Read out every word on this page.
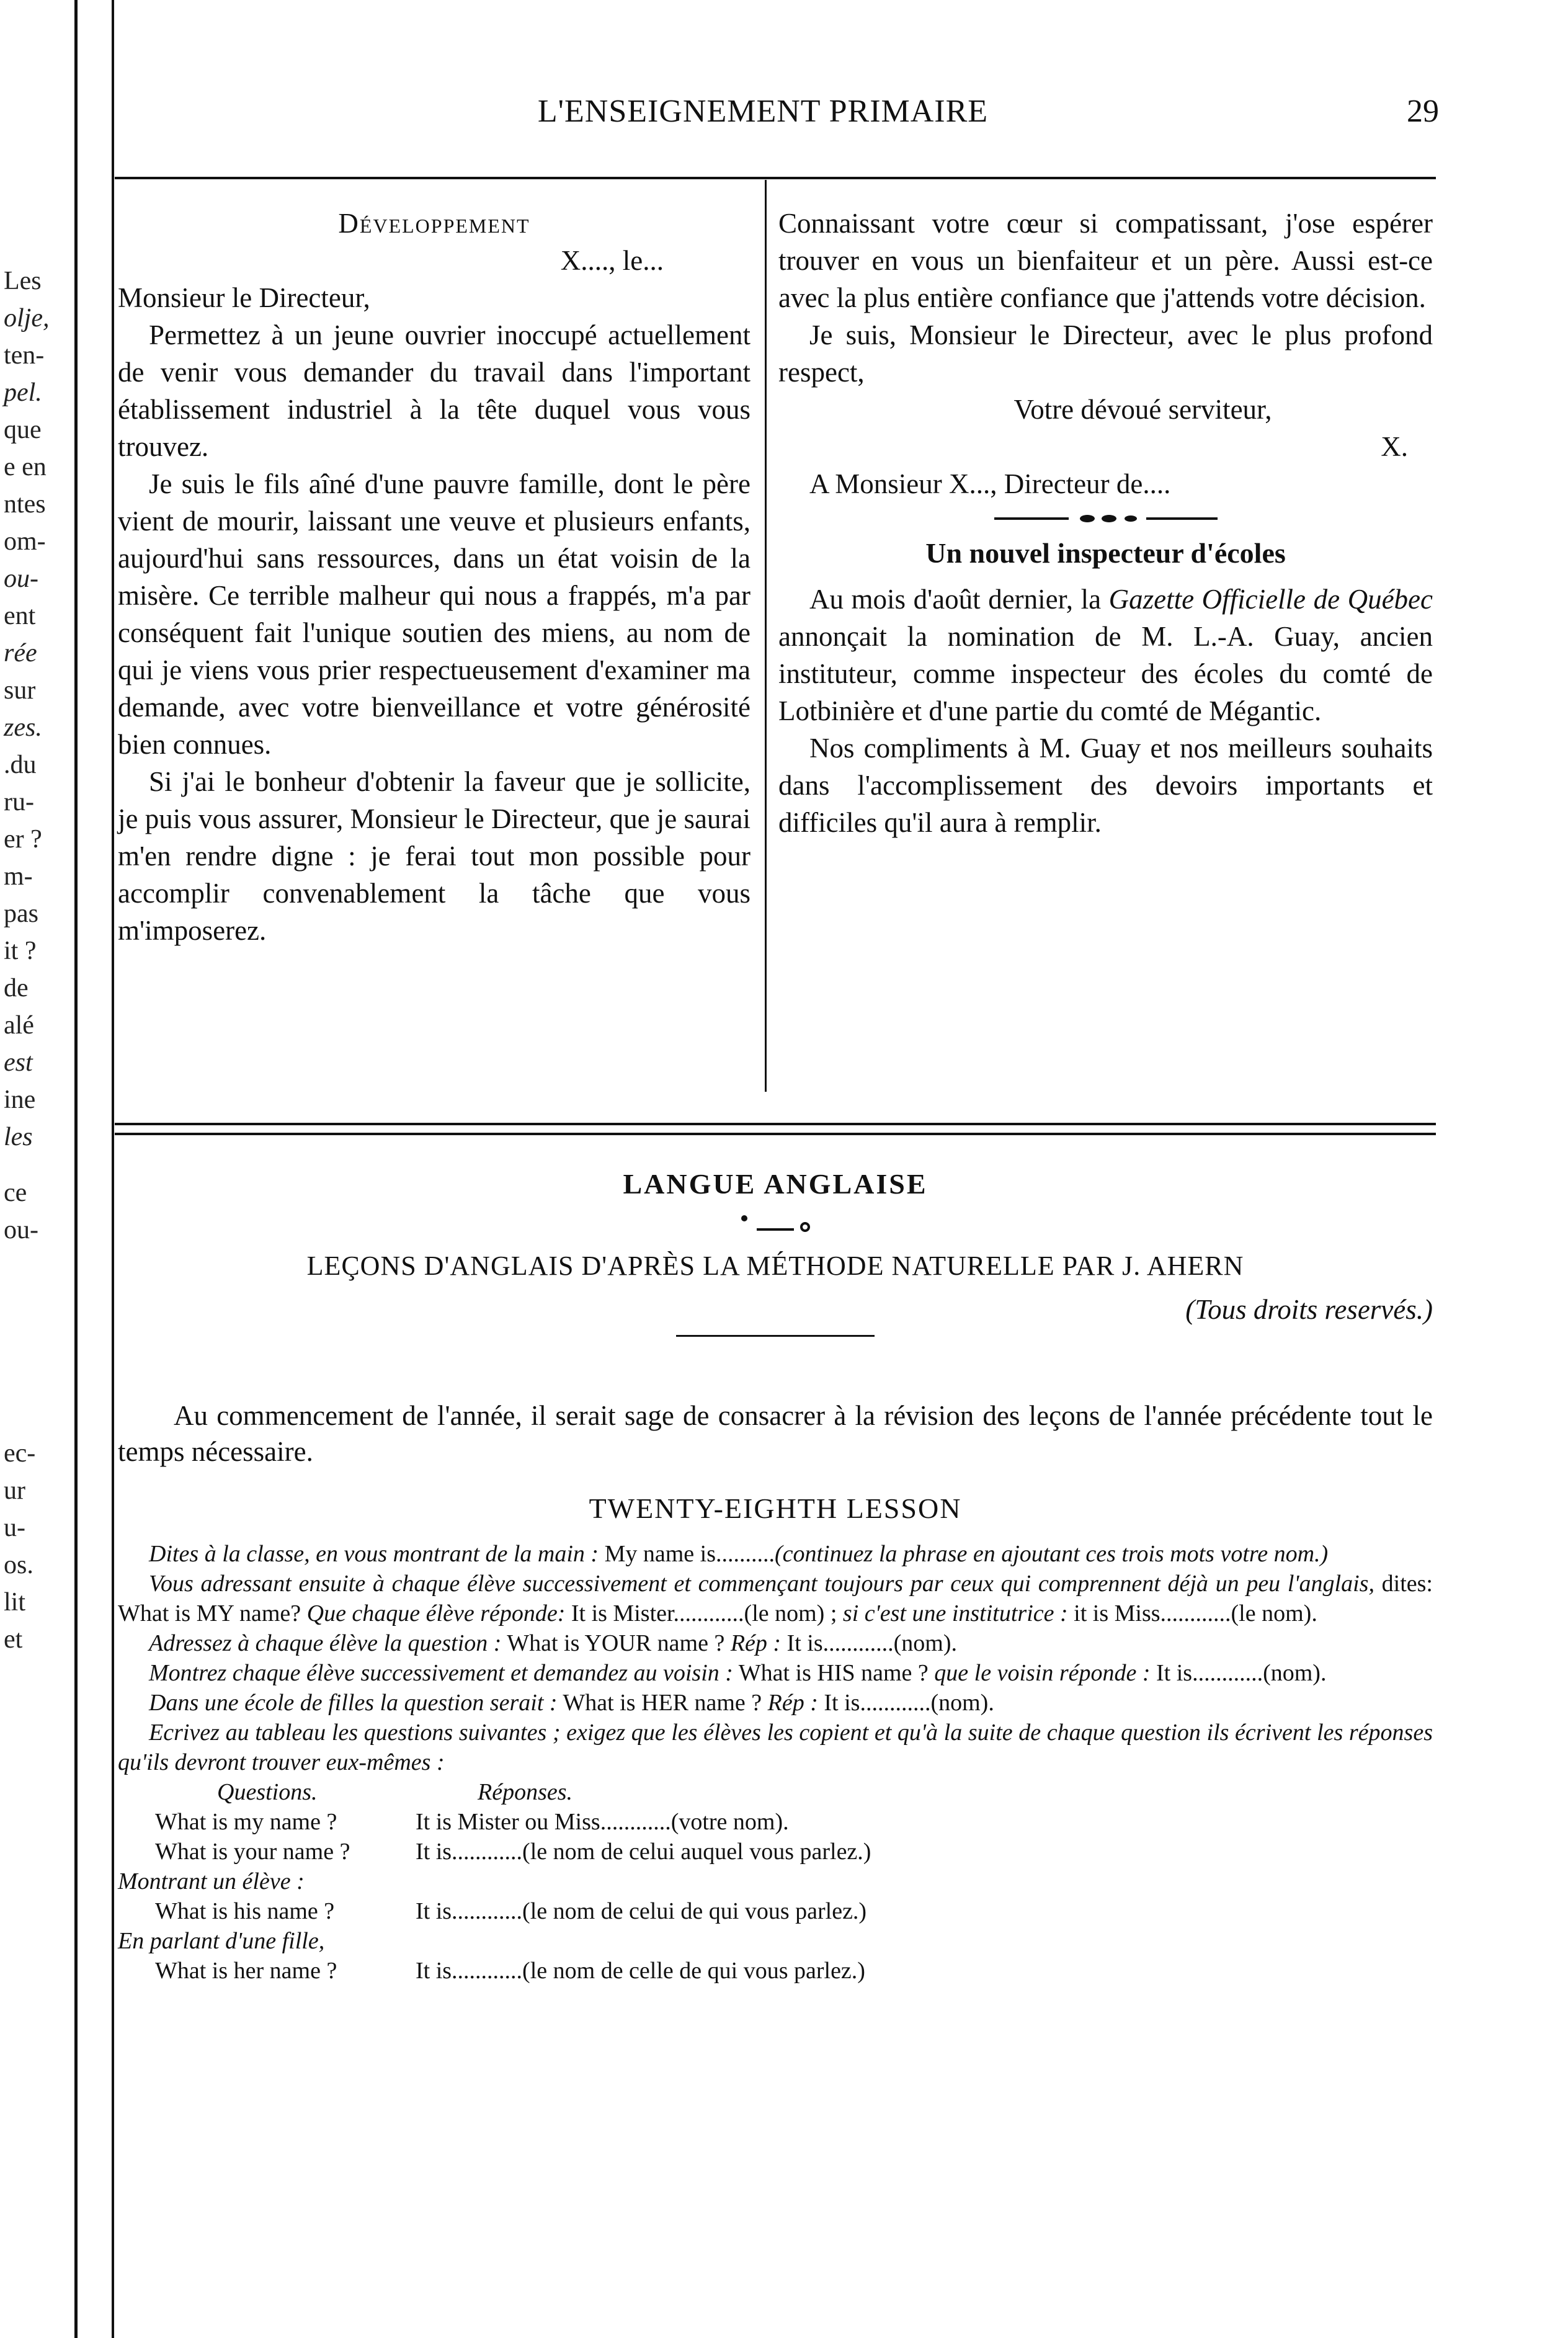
Les
olje,
ten-
pel.
que
e en
ntes
om-
ou-
ent
rée
sur
zes.
.du
ru-
er ?
m-
pas
it ?
de
alé
est
ine
les
ce
ou-
ec-
ur
u-
os.
lit
et
L'ENSEIGNEMENT PRIMAIRE	29

Développement

X...., le...

Monsieur le Directeur,

Permettez à un jeune ouvrier inoccupé actuellement de venir vous demander du travail dans l'important établissement industriel à la tête duquel vous vous trouvez.

Je suis le fils aîné d'une pauvre famille, dont le père vient de mourir, laissant une veuve et plusieurs enfants, aujourd'hui sans ressources, dans un état voisin de la misère. Ce terrible malheur qui nous a frappés, m'a par conséquent fait l'unique soutien des miens, au nom de qui je viens vous prier respectueusement d'examiner ma demande, avec votre bienveillance et votre générosité bien connues.

Si j'ai le bonheur d'obtenir la faveur que je sollicite, je puis vous assurer, Monsieur le Directeur, que je saurai m'en rendre digne : je ferai tout mon possible pour accomplir convenablement la tâche que vous m'imposerez.

Connaissant votre cœur si compatissant, j'ose espérer trouver en vous un bienfaiteur et un père. Aussi est-ce avec la plus entière confiance que j'attends votre décision.

Je suis, Monsieur le Directeur, avec le plus profond respect,

Votre dévoué serviteur,

X.

A Monsieur X..., Directeur de....

Un nouvel inspecteur d'écoles

Au mois d'août dernier, la Gazette Officielle de Québec annonçait la nomination de M. L.-A. Guay, ancien instituteur, comme inspecteur des écoles du comté de Lotbinière et d'une partie du comté de Mégantic.

Nos compliments à M. Guay et nos meilleurs souhaits dans l'accomplissement des devoirs importants et difficiles qu'il aura à remplir.

LANGUE ANGLAISE

LEÇONS D'ANGLAIS D'APRÈS LA MÉTHODE NATURELLE PAR J. AHERN

(Tous droits reservés.)

Au commencement de l'année, il serait sage de consacrer à la révision des leçons de l'année précédente tout le temps nécessaire.

TWENTY-EIGHTH LESSON

Dites à la classe, en vous montrant de la main : My name is..........(continuez la phrase en ajoutant ces trois mots votre nom.)

Vous adressant ensuite à chaque élève successivement et commençant toujours par ceux qui comprennent déjà un peu l'anglais, dites: What is MY name? Que chaque élève réponde: It is Mister............(le nom) ; si c'est une institutrice : it is Miss............(le nom).

Adressez à chaque élève la question : What is YOUR name ? Rép : It is............(nom).

Montrez chaque élève successivement et demandez au voisin : What is HIS name ? que le voisin réponde : It is............(nom).

Dans une école de filles la question serait : What is HER name ? Rép : It is............(nom).

Ecrivez au tableau les questions suivantes ; exigez que les élèves les copient et qu'à la suite de chaque question ils écrivent les réponses qu'ils devront trouver eux-mêmes :

Questions.	Réponses.
What is my name ?	It is Mister ou Miss............(votre nom).
What is your name ?	It is............(le nom de celui auquel vous parlez.)
Montrant un élève :
What is his name ?	It is............(le nom de celui de qui vous parlez.)
En parlant d'une fille,
What is her name ?	It is............(le nom de celle de qui vous parlez.)
